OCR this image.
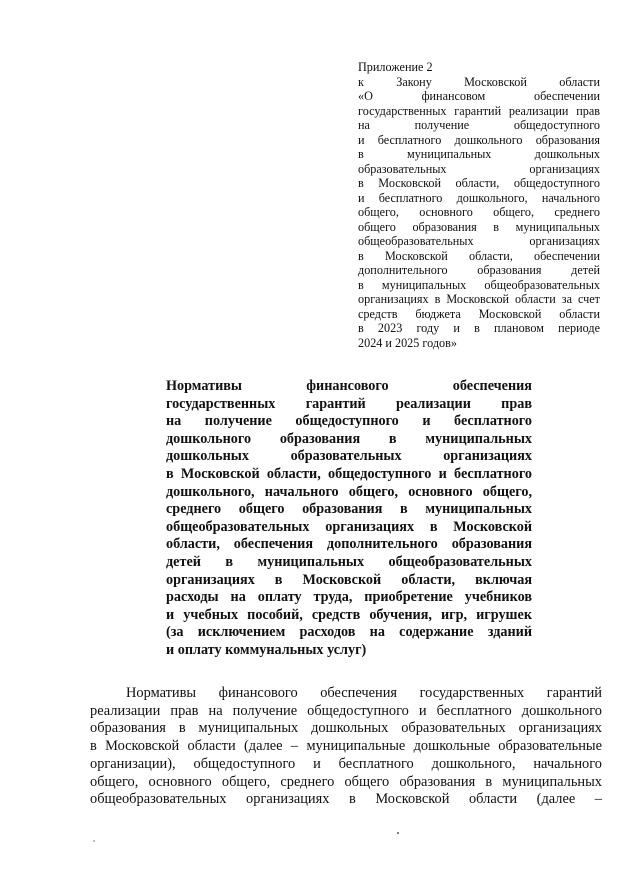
Приложение 2
к Закону Московской области
«О финансовом обеспечении
государственных гарантий реализации прав
на получение общедоступного
и бесплатного дошкольного образования
в муниципальных дошкольных
образовательных организациях
в Московской области, общедоступного
и бесплатного дошкольного, начального
общего, основного общего, среднего
общего образования в муниципальных
общеобразовательных организациях
в Московской области, обеспечении
дополнительного образования детей
в муниципальных общеобразовательных
организациях в Московской области за счет
средств бюджета Московской области
в 2023 году и в плановом периоде
2024 и 2025 годов»
Нормативы финансового обеспечения
государственных гарантий реализации прав
на получение общедоступного и бесплатного
дошкольного образования в муниципальных
дошкольных образовательных организациях
в Московской области, общедоступного и бесплатного
дошкольного, начального общего, основного общего,
среднего общего образования в муниципальных
общеобразовательных организациях в Московской
области, обеспечения дополнительного образования
детей в муниципальных общеобразовательных
организациях в Московской области, включая
расходы на оплату труда, приобретение учебников
и учебных пособий, средств обучения, игр, игрушек
(за исключением расходов на содержание зданий
и оплату коммунальных услуг)
Нормативы финансового обеспечения государственных гарантий
реализации прав на получение общедоступного и бесплатного дошкольного
образования в муниципальных дошкольных образовательных организациях
в Московской области (далее – муниципальные дошкольные образовательные
организации), общедоступного и бесплатного дошкольного, начального
общего, основного общего, среднего общего образования в муниципальных
общеобразовательных организациях в Московской области (далее –
